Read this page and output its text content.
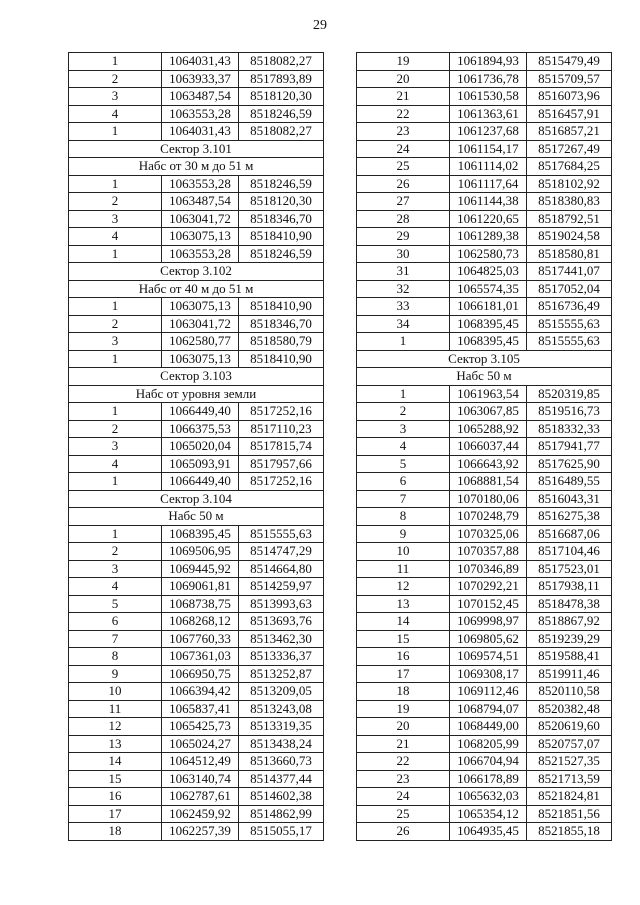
29
1	1064031,43	8518082,27
2	1063933,37	8517893,89
3	1063487,54	8518120,30
4	1063553,28	8518246,59
1	1064031,43	8518082,27
Сектор 3.101		
Набс от 30 м до 51 м		
1	1063553,28	8518246,59
2	1063487,54	8518120,30
3	1063041,72	8518346,70
4	1063075,13	8518410,90
1	1063553,28	8518246,59
Сектор 3.102		
Набс от 40 м до 51 м		
1	1063075,13	8518410,90
2	1063041,72	8518346,70
3	1062580,77	8518580,79
1	1063075,13	8518410,90
Сектор 3.103		
Набс от уровня земли		
1	1066449,40	8517252,16
2	1066375,53	8517110,23
3	1065020,04	8517815,74
4	1065093,91	8517957,66
1	1066449,40	8517252,16
Сектор 3.104		
Набс 50 м		
1	1068395,45	8515555,63
2	1069506,95	8514747,29
3	1069445,92	8514664,80
4	1069061,81	8514259,97
5	1068738,75	8513993,63
6	1068268,12	8513693,76
7	1067760,33	8513462,30
8	1067361,03	8513336,37
9	1066950,75	8513252,87
10	1066394,42	8513209,05
11	1065837,41	8513243,08
12	1065425,73	8513319,35
13	1065024,27	8513438,24
14	1064512,49	8513660,73
15	1063140,74	8514377,44
16	1062787,61	8514602,38
17	1062459,92	8514862,99
18	1062257,39	8515055,17
19	1061894,93	8515479,49
20	1061736,78	8515709,57
21	1061530,58	8516073,96
22	1061363,61	8516457,91
23	1061237,68	8516857,21
24	1061154,17	8517267,49
25	1061114,02	8517684,25
26	1061117,64	8518102,92
27	1061144,38	8518380,83
28	1061220,65	8518792,51
29	1061289,38	8519024,58
30	1062580,73	8518580,81
31	1064825,03	8517441,07
32	1065574,35	8517052,04
33	1066181,01	8516736,49
34	1068395,45	8515555,63
1	1068395,45	8515555,63
Сектор 3.105		
Набс 50 м		
1	1061963,54	8520319,85
2	1063067,85	8519516,73
3	1065288,92	8518332,33
4	1066037,44	8517941,77
5	1066643,92	8517625,90
6	1068881,54	8516489,55
7	1070180,06	8516043,31
8	1070248,79	8516275,38
9	1070325,06	8516687,06
10	1070357,88	8517104,46
11	1070346,89	8517523,01
12	1070292,21	8517938,11
13	1070152,45	8518478,38
14	1069998,97	8518867,92
15	1069805,62	8519239,29
16	1069574,51	8519588,41
17	1069308,17	8519911,46
18	1069112,46	8520110,58
19	1068794,07	8520382,48
20	1068449,00	8520619,60
21	1068205,99	8520757,07
22	1066704,94	8521527,35
23	1066178,89	8521713,59
24	1065632,03	8521824,81
25	1065354,12	8521851,56
26	1064935,45	8521855,18
